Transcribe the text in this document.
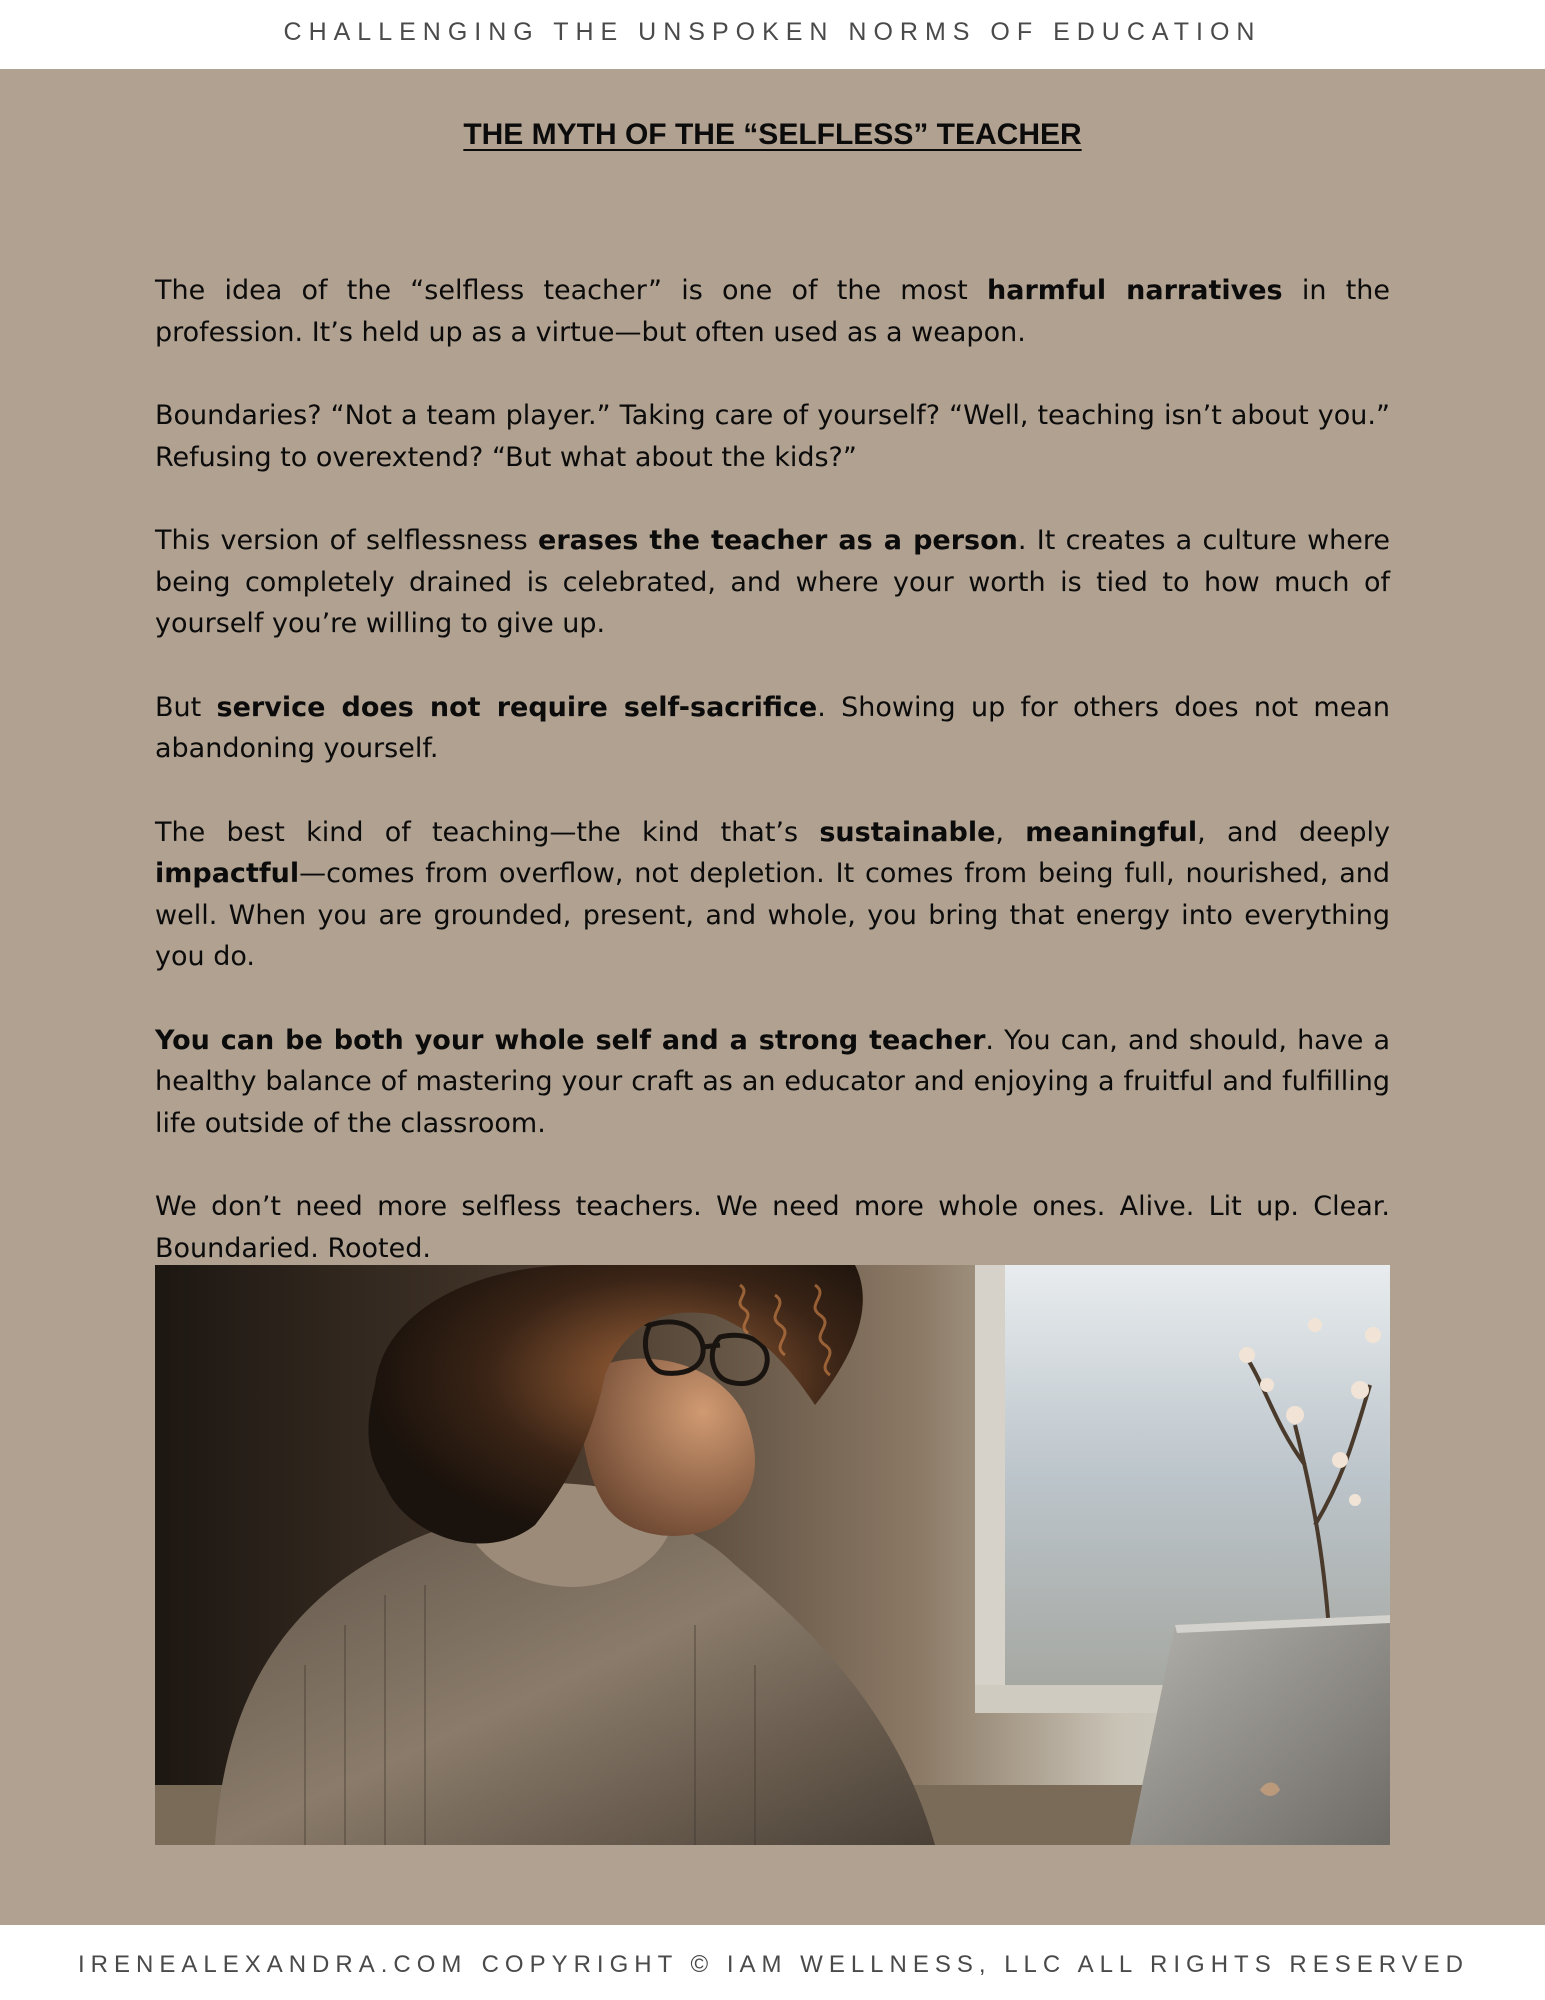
CHALLENGING THE UNSPOKEN NORMS OF EDUCATION
THE MYTH OF THE “SELFLESS” TEACHER

The idea of the “selfless teacher” is one of the most harmful narratives in the profession. It’s held up as a virtue—but often used as a weapon.

Boundaries? “Not a team player.” Taking care of yourself? “Well, teaching isn’t about you.” Refusing to overextend? “But what about the kids?”

This version of selflessness erases the teacher as a person. It creates a culture where being completely drained is celebrated, and where your worth is tied to how much of yourself you’re willing to give up.

But service does not require self-sacrifice. Showing up for others does not mean abandoning yourself.

The best kind of teaching—the kind that’s sustainable, meaningful, and deeply impactful—comes from overflow, not depletion. It comes from being full, nourished, and well. When you are grounded, present, and whole, you bring that energy into everything you do.

You can be both your whole self and a strong teacher. You can, and should, have a healthy balance of mastering your craft as an educator and enjoying a fruitful and fulfilling life outside of the classroom.

We don’t need more selfless teachers. We need more whole ones. Alive. Lit up. Clear. Boundaried. Rooted.

IRENEALEXANDRA.COM COPYRIGHT © IAM WELLNESS, LLC ALL RIGHTS RESERVED
